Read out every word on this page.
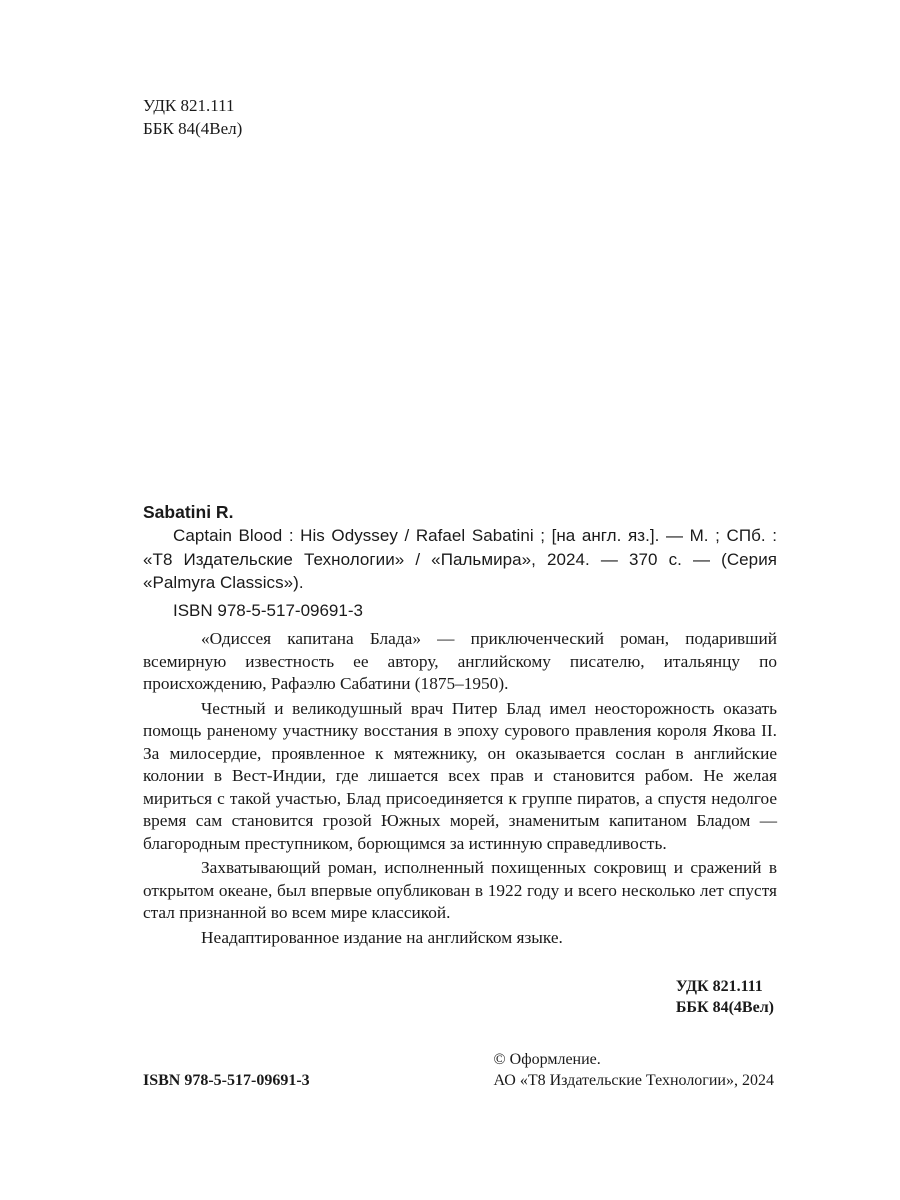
УДК 821.111
ББК 84(4Вел)

Sabatini R.

Captain Blood : His Odyssey / Rafael Sabatini ; [на англ. яз.]. — М. ; СПб. : «Т8 Издательские Технологии» / «Пальмира», 2024. — 370 с. — (Серия «Palmyra Classics»).

ISBN 978-5-517-09691-3

«Одиссея капитана Блада» — приключенческий роман, подаривший всемирную известность ее автору, английскому писателю, итальянцу по происхождению, Рафаэлю Сабатини (1875–1950).

Честный и великодушный врач Питер Блад имел неосторожность оказать помощь раненому участнику восстания в эпоху сурового правления короля Якова II. За милосердие, проявленное к мятежнику, он оказывается сослан в английские колонии в Вест-Индии, где лишается всех прав и становится рабом. Не желая мириться с такой участью, Блад присоединяется к группе пиратов, а спустя недолгое время сам становится грозой Южных морей, знаменитым капитаном Бладом — благородным преступником, борющимся за истинную справедливость.

Захватывающий роман, исполненный похищенных сокровищ и сражений в открытом океане, был впервые опубликован в 1922 году и всего несколько лет спустя стал признанной во всем мире классикой.

Неадаптированное издание на английском языке.

УДК 821.111
ББК 84(4Вел)
© Оформление.
АО «Т8 Издательские Технологии», 2024
ISBN 978-5-517-09691-3
